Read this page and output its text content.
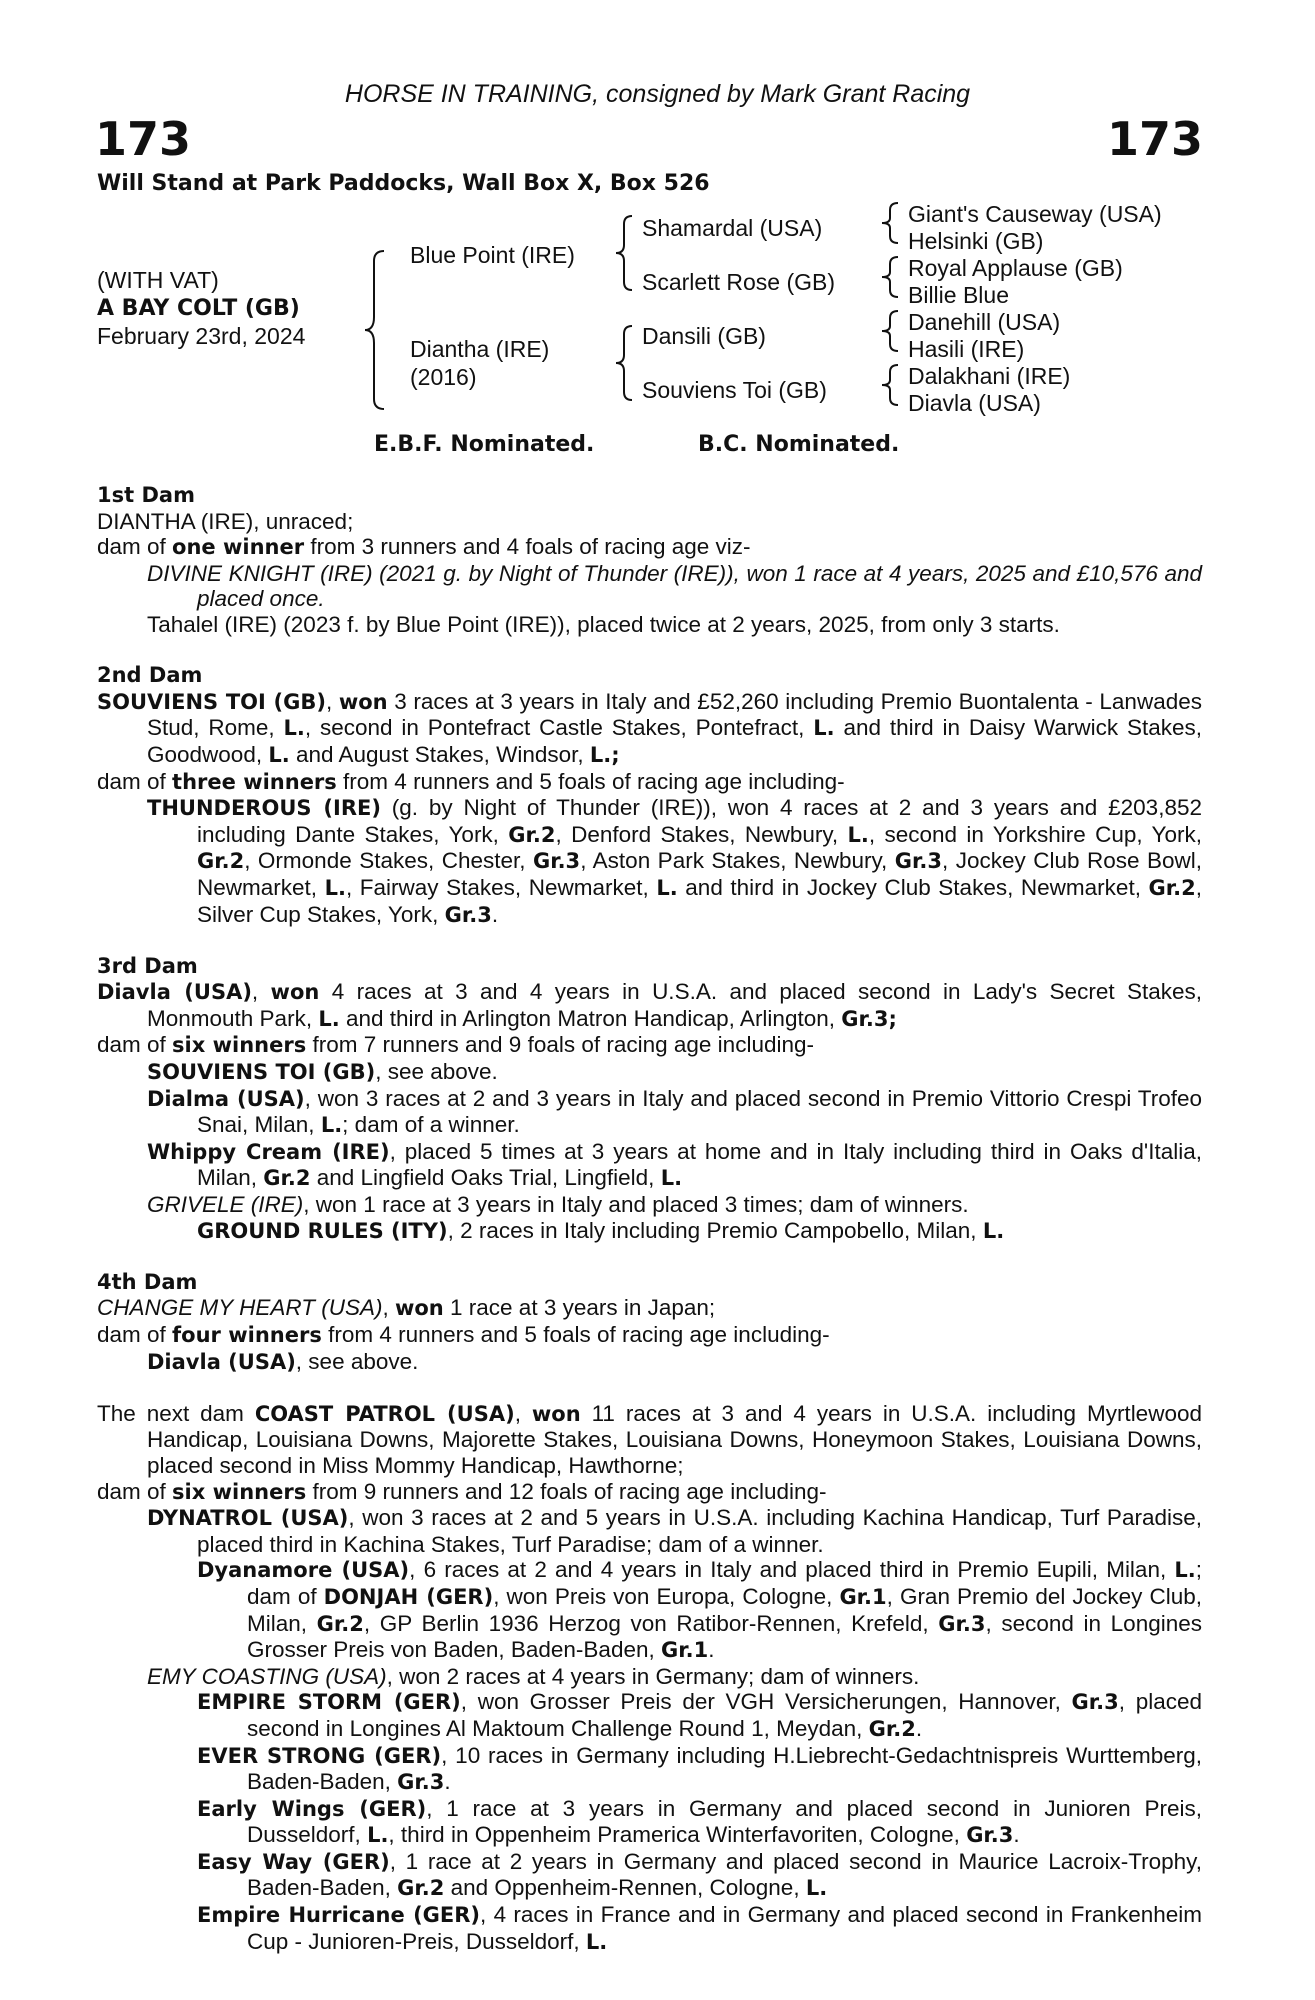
HORSE IN TRAINING, consigned by Mark Grant Racing
173	173
Will Stand at Park Paddocks, Wall Box X, Box 526
(WITH VAT)
A BAY COLT (GB)
February 23rd, 2024
Blue Point (IRE)
Diantha (IRE)
(2016)
Shamardal (USA)
Scarlett Rose (GB)
Dansili (GB)
Souviens Toi (GB)
Giant's Causeway (USA)
Helsinki (GB)
Royal Applause (GB)
Billie Blue
Danehill (USA)
Hasili (IRE)
Dalakhani (IRE)
Diavla (USA)
E.B.F. Nominated.	B.C. Nominated.
1st Dam
DIANTHA (IRE), unraced;
dam of one winner from 3 runners and 4 foals of racing age viz-
DIVINE KNIGHT (IRE) (2021 g. by Night of Thunder (IRE)), won 1 race at 4 years, 2025 and £10,576 and placed once.
Tahalel (IRE) (2023 f. by Blue Point (IRE)), placed twice at 2 years, 2025, from only 3 starts.
2nd Dam
SOUVIENS TOI (GB), won 3 races at 3 years in Italy and £52,260 including Premio Buontalenta - Lanwades Stud, Rome, L., second in Pontefract Castle Stakes, Pontefract, L. and third in Daisy Warwick Stakes, Goodwood, L. and August Stakes, Windsor, L.;
dam of three winners from 4 runners and 5 foals of racing age including-
THUNDEROUS (IRE) (g. by Night of Thunder (IRE)), won 4 races at 2 and 3 years and £203,852 including Dante Stakes, York, Gr.2, Denford Stakes, Newbury, L., second in Yorkshire Cup, York, Gr.2, Ormonde Stakes, Chester, Gr.3, Aston Park Stakes, Newbury, Gr.3, Jockey Club Rose Bowl, Newmarket, L., Fairway Stakes, Newmarket, L. and third in Jockey Club Stakes, Newmarket, Gr.2, Silver Cup Stakes, York, Gr.3.
3rd Dam
Diavla (USA), won 4 races at 3 and 4 years in U.S.A. and placed second in Lady's Secret Stakes, Monmouth Park, L. and third in Arlington Matron Handicap, Arlington, Gr.3;
dam of six winners from 7 runners and 9 foals of racing age including-
SOUVIENS TOI (GB), see above.
Dialma (USA), won 3 races at 2 and 3 years in Italy and placed second in Premio Vittorio Crespi Trofeo Snai, Milan, L.; dam of a winner.
Whippy Cream (IRE), placed 5 times at 3 years at home and in Italy including third in Oaks d'Italia, Milan, Gr.2 and Lingfield Oaks Trial, Lingfield, L.
GRIVELE (IRE), won 1 race at 3 years in Italy and placed 3 times; dam of winners.
GROUND RULES (ITY), 2 races in Italy including Premio Campobello, Milan, L.
4th Dam
CHANGE MY HEART (USA), won 1 race at 3 years in Japan;
dam of four winners from 4 runners and 5 foals of racing age including-
Diavla (USA), see above.
The next dam COAST PATROL (USA), won 11 races at 3 and 4 years in U.S.A. including Myrtlewood Handicap, Louisiana Downs, Majorette Stakes, Louisiana Downs, Honeymoon Stakes, Louisiana Downs, placed second in Miss Mommy Handicap, Hawthorne;
dam of six winners from 9 runners and 12 foals of racing age including-
DYNATROL (USA), won 3 races at 2 and 5 years in U.S.A. including Kachina Handicap, Turf Paradise, placed third in Kachina Stakes, Turf Paradise; dam of a winner.
Dyanamore (USA), 6 races at 2 and 4 years in Italy and placed third in Premio Eupili, Milan, L.; dam of DONJAH (GER), won Preis von Europa, Cologne, Gr.1, Gran Premio del Jockey Club, Milan, Gr.2, GP Berlin 1936 Herzog von Ratibor-Rennen, Krefeld, Gr.3, second in Longines Grosser Preis von Baden, Baden-Baden, Gr.1.
EMY COASTING (USA), won 2 races at 4 years in Germany; dam of winners.
EMPIRE STORM (GER), won Grosser Preis der VGH Versicherungen, Hannover, Gr.3, placed second in Longines Al Maktoum Challenge Round 1, Meydan, Gr.2.
EVER STRONG (GER), 10 races in Germany including H.Liebrecht-Gedachtnispreis Wurttemberg, Baden-Baden, Gr.3.
Early Wings (GER), 1 race at 3 years in Germany and placed second in Junioren Preis, Dusseldorf, L., third in Oppenheim Pramerica Winterfavoriten, Cologne, Gr.3.
Easy Way (GER), 1 race at 2 years in Germany and placed second in Maurice Lacroix-Trophy, Baden-Baden, Gr.2 and Oppenheim-Rennen, Cologne, L.
Empire Hurricane (GER), 4 races in France and in Germany and placed second in Frankenheim Cup - Junioren-Preis, Dusseldorf, L.
